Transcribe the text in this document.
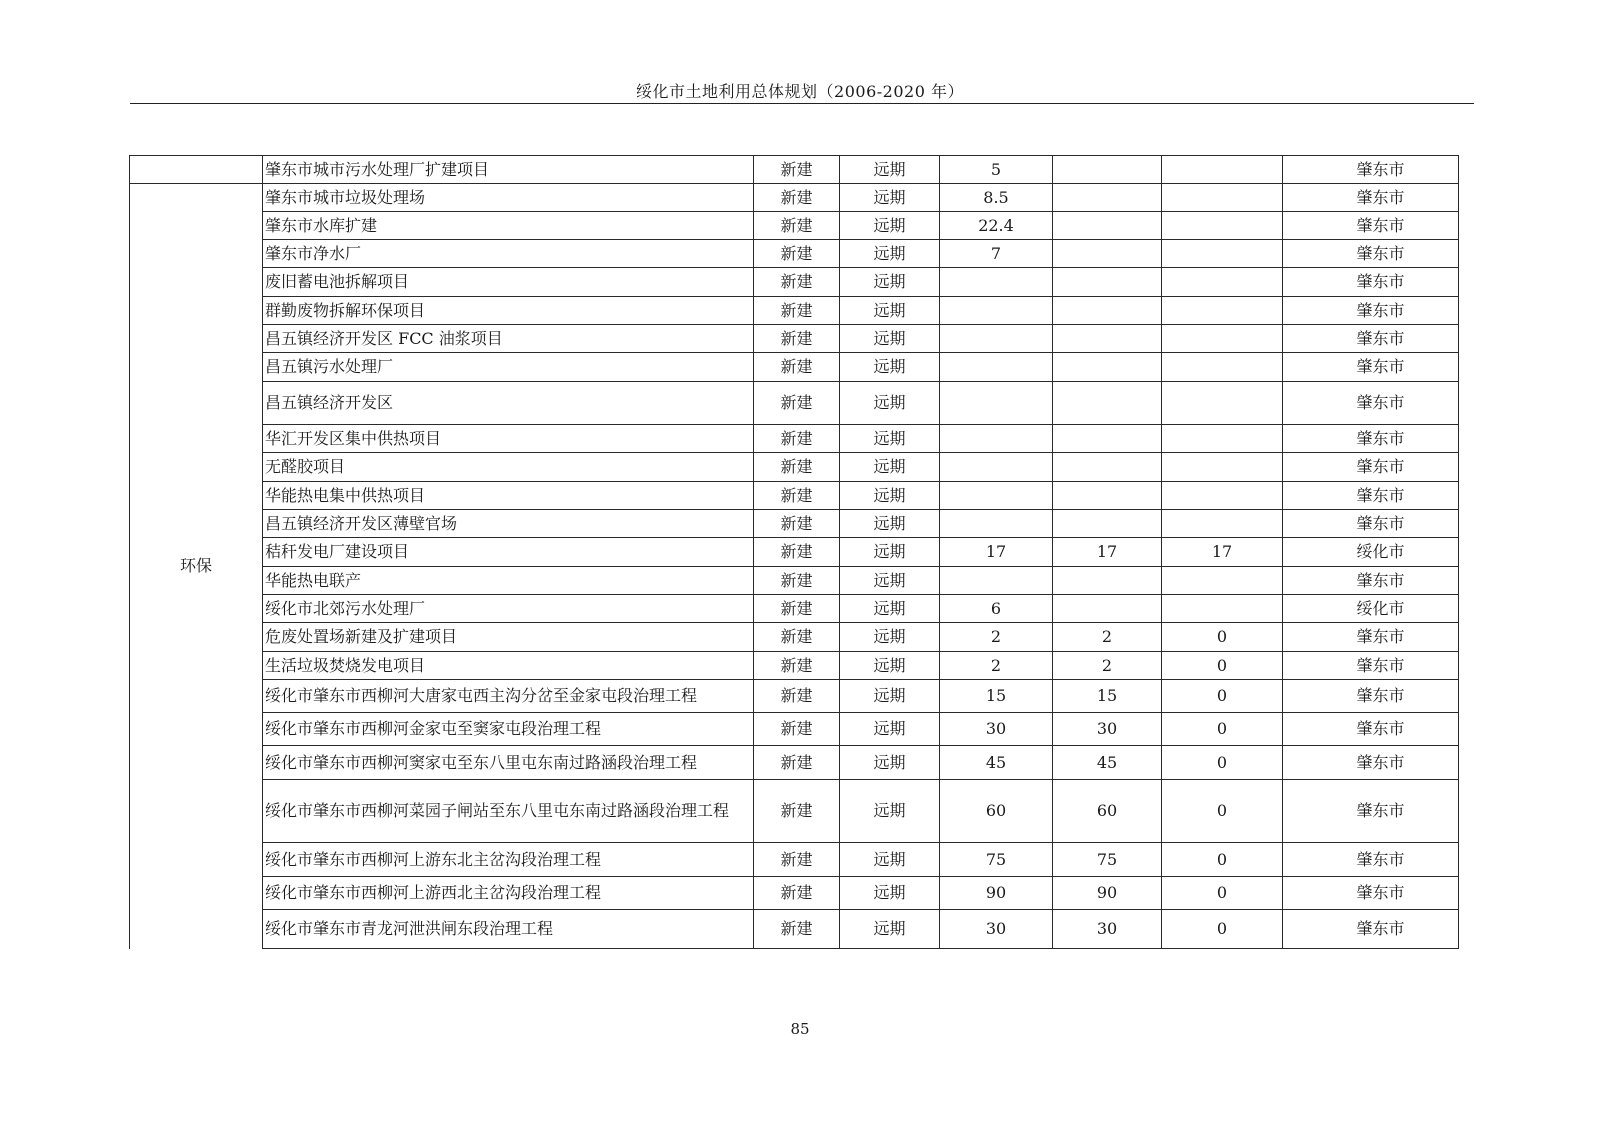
绥化市土地利用总体规划（2006-2020 年）
	肇东市城市污水处理厂扩建项目	新建	远期	5			肇东市
环保	肇东市城市垃圾处理场	新建	远期	8.5			肇东市
	肇东市水库扩建	新建	远期	22.4			肇东市
	肇东市净水厂	新建	远期	7			肇东市
	废旧蓄电池拆解项目	新建	远期				肇东市
	群勤废物拆解环保项目	新建	远期				肇东市
	昌五镇经济开发区 FCC 油浆项目	新建	远期				肇东市
	昌五镇污水处理厂	新建	远期				肇东市
	昌五镇经济开发区	新建	远期				肇东市
	华汇开发区集中供热项目	新建	远期				肇东市
	无醛胶项目	新建	远期				肇东市
	华能热电集中供热项目	新建	远期				肇东市
	昌五镇经济开发区薄壁官场	新建	远期				肇东市
	秸秆发电厂建设项目	新建	远期	17	17	17	绥化市
	华能热电联产	新建	远期				肇东市
	绥化市北郊污水处理厂	新建	远期	6			绥化市
	危废处置场新建及扩建项目	新建	远期	2	2	0	肇东市
	生活垃圾焚烧发电项目	新建	远期	2	2	0	肇东市
	绥化市肇东市西柳河大唐家屯西主沟分岔至金家屯段治理工程	新建	远期	15	15	0	肇东市
	绥化市肇东市西柳河金家屯至窦家屯段治理工程	新建	远期	30	30	0	肇东市
	绥化市肇东市西柳河窦家屯至东八里屯东南过路涵段治理工程	新建	远期	45	45	0	肇东市
	绥化市肇东市西柳河菜园子闸站至东八里屯东南过路涵段治理工程	新建	远期	60	60	0	肇东市
	绥化市肇东市西柳河上游东北主岔沟段治理工程	新建	远期	75	75	0	肇东市
	绥化市肇东市西柳河上游西北主岔沟段治理工程	新建	远期	90	90	0	肇东市
	绥化市肇东市青龙河泄洪闸东段治理工程	新建	远期	30	30	0	肇东市
85
